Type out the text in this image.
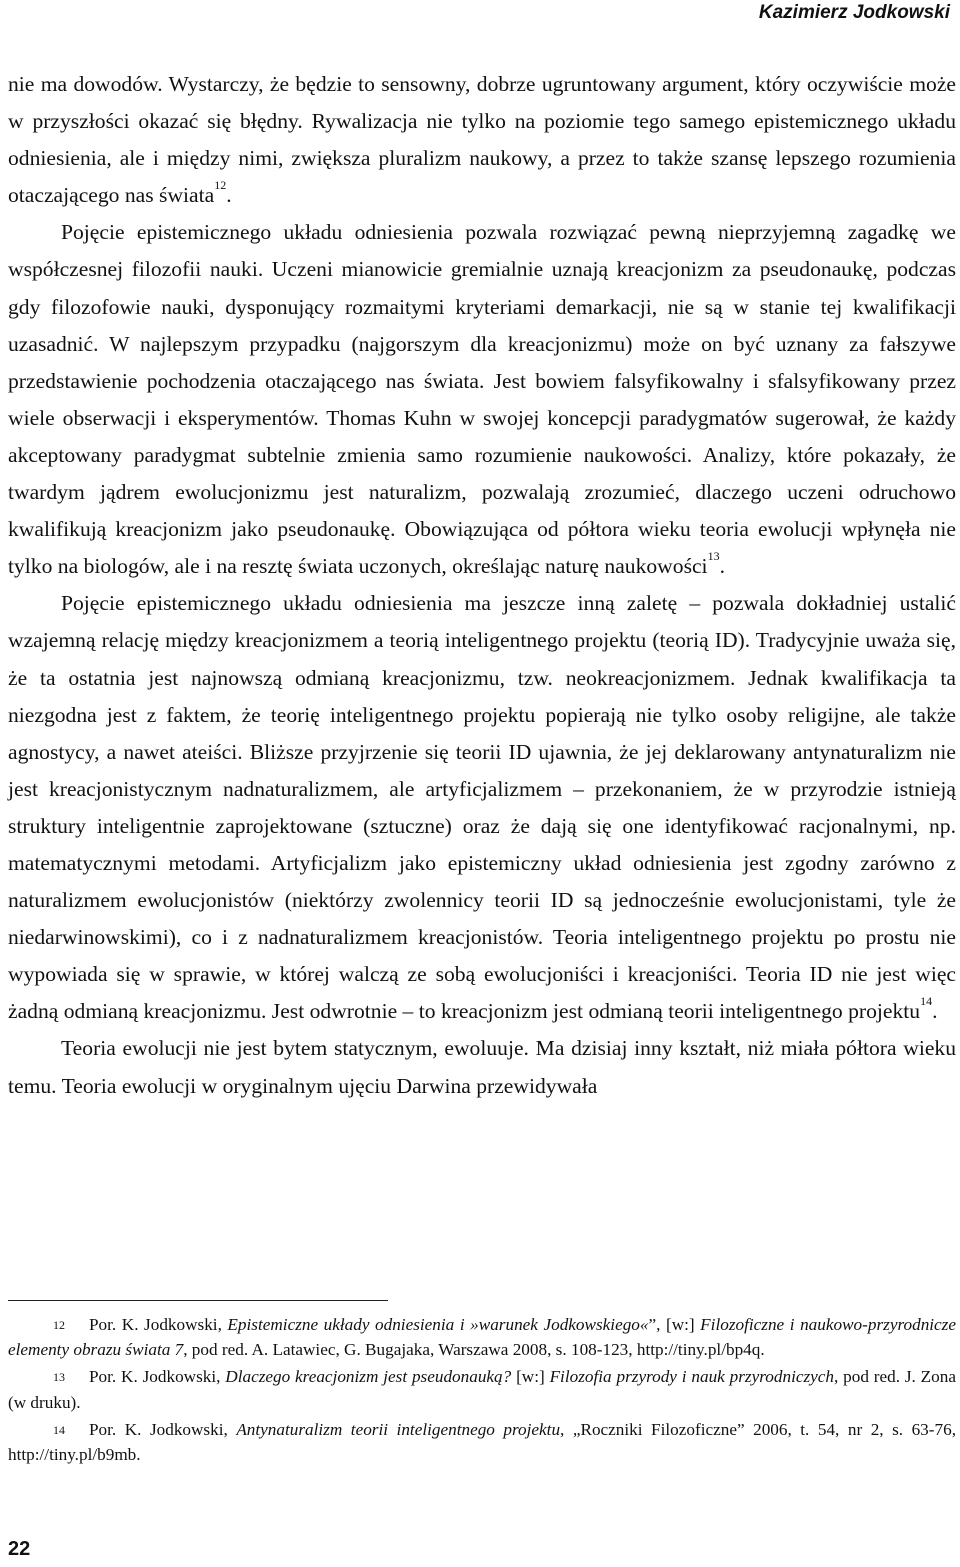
Kazimierz Jodkowski

nie ma dowodów. Wystarczy, że będzie to sensowny, dobrze ugruntowany argument, który oczywiście może w przyszłości okazać się błędny. Rywalizacja nie tylko na poziomie tego samego epistemicznego układu odniesienia, ale i między nimi, zwiększa pluralizm naukowy, a przez to także szansę lepszego rozumienia otaczającego nas świata$^{12}$.

Pojęcie epistemicznego układu odniesienia pozwala rozwiązać pewną nieprzyjemną zagadkę we współczesnej filozofii nauki. Uczeni mianowicie gremialnie uznają kreacjonizm za pseudonaukę, podczas gdy filozofowie nauki, dysponujący rozmaitymi kryteriami demarkacji, nie są w stanie tej kwalifikacji uzasadnić. W najlepszym przypadku (najgorszym dla kreacjonizmu) może on być uznany za fałszywe przedstawienie pochodzenia otaczającego nas świata. Jest bowiem falsyfikowalny i sfalsyfikowany przez wiele obserwacji i eksperymentów. Thomas Kuhn w swojej koncepcji paradygmatów sugerował, że każdy akceptowany paradygmat subtelnie zmienia samo rozumienie naukowości. Analizy, które pokazały, że twardym jądrem ewolucjonizmu jest naturalizm, pozwalają zrozumieć, dlaczego uczeni odruchowo kwalifikują kreacjonizm jako pseudonaukę. Obowiązująca od półtora wieku teoria ewolucji wpłynęła nie tylko na biologów, ale i na resztę świata uczonych, określając naturę naukowości$^{13}$.

Pojęcie epistemicznego układu odniesienia ma jeszcze inną zaletę – pozwala dokładniej ustalić wzajemną relację między kreacjonizmem a teorią inteligentnego projektu (teorią ID). Tradycyjnie uważa się, że ta ostatnia jest najnowszą odmianą kreacjonizmu, tzw. neokreacjonizmem. Jednak kwalifikacja ta niezgodna jest z faktem, że teorię inteligentnego projektu popierają nie tylko osoby religijne, ale także agnostycy, a nawet ateiści. Bliższe przyjrzenie się teorii ID ujawnia, że jej deklarowany antynaturalizm nie jest kreacjonistycznym nadnaturalizmem, ale artyficjalizmem – przekonaniem, że w przyrodzie istnieją struktury inteligentnie zaprojektowane (sztuczne) oraz że dają się one identyfikować racjonalnymi, np. matematycznymi metodami. Artyficjalizm jako epistemiczny układ odniesienia jest zgodny zarówno z naturalizmem ewolucjonistów (niektórzy zwolennicy teorii ID są jednocześnie ewolucjonistami, tyle że niedarwinowskimi), co i z nadnaturalizmem kreacjonistów. Teoria inteligentnego projektu po prostu nie wypowiada się w sprawie, w której walczą ze sobą ewolucjoniści i kreacjoniści. Teoria ID nie jest więc żadną odmianą kreacjonizmu. Jest odwrotnie – to kreacjonizm jest odmianą teorii inteligentnego projektu$^{14}$.

Teoria ewolucji nie jest bytem statycznym, ewoluuje. Ma dzisiaj inny kształt, niż miała półtora wieku temu. Teoria ewolucji w oryginalnym ujęciu Darwina przewidywała

$^{12}$ Por. K. Jodkowski, Epistemiczne układy odniesienia i »warunek Jodkowskiego«”, [w:] Filozoficzne i naukowo-przyrodnicze elementy obrazu świata 7, pod red. A. Latawiec, G. Bugajaka, Warszawa 2008, s. 108-123, http://tiny.pl/bp4q.

$^{13}$ Por. K. Jodkowski, Dlaczego kreacjonizm jest pseudonauką? [w:] Filozofia przyrody i nauk przyrodniczych, pod red. J. Zona (w druku).

$^{14}$ Por. K. Jodkowski, Antynaturalizm teorii inteligentnego projektu, „Roczniki Filozoficzne” 2006, t. 54, nr 2, s. 63-76, http://tiny.pl/b9mb.

22
